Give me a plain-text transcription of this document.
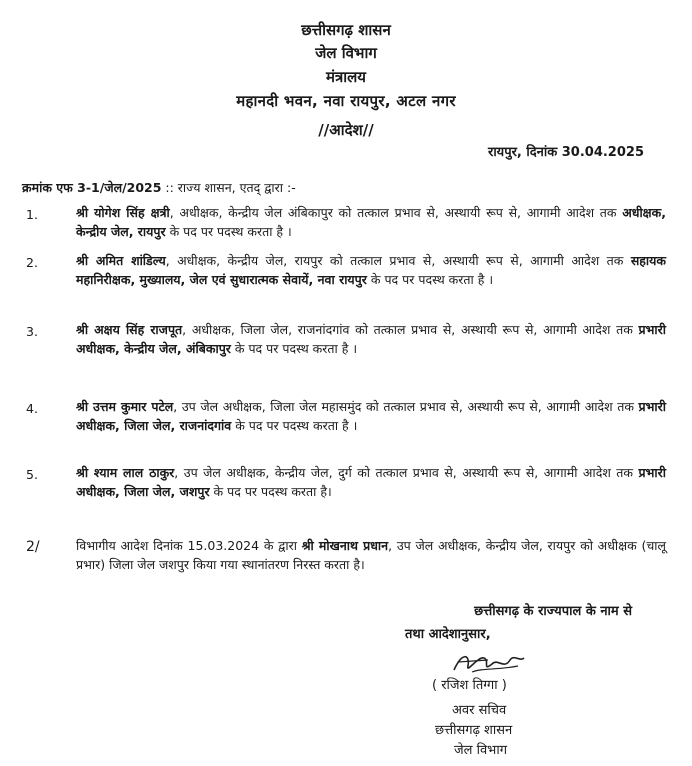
छत्तीसगढ़ शासन
जेल विभाग
मंत्रालय
महानदी भवन, नवा रायपुर, अटल नगर
//आदेश//
रायपुर, दिनांक 30.04.2025
क्रमांक एफ 3-1/जेल/2025 :: राज्य शासन, एतद् द्वारा :-
1.	श्री योगेश सिंह क्षत्री, अधीक्षक, केन्द्रीय जेल अंबिकापुर को तत्काल प्रभाव से, अस्थायी रूप से, आगामी आदेश तक अधीक्षक, केन्द्रीय जेल, रायपुर के पद पर पदस्थ करता है ।
2.	श्री अमित शांडिल्य, अधीक्षक, केन्द्रीय जेल, रायपुर को तत्काल प्रभाव से, अस्थायी रूप से, आगामी आदेश तक सहायक महानिरीक्षक, मुख्यालय, जेल एवं सुधारात्मक सेवायें, नवा रायपुर के पद पर पदस्थ करता है ।
3.	श्री अक्षय सिंह राजपूत, अधीक्षक, जिला जेल, राजनांदगांव को तत्काल प्रभाव से, अस्थायी रूप से, आगामी आदेश तक प्रभारी अधीक्षक, केन्द्रीय जेल, अंबिकापुर के पद पर पदस्थ करता है ।
4.	श्री उत्तम कुमार पटेल, उप जेल अधीक्षक, जिला जेल महासमुंद को तत्काल प्रभाव से, अस्थायी रूप से, आगामी आदेश तक प्रभारी अधीक्षक, जिला जेल, राजनांदगांव के पद पर पदस्थ करता है ।
5.	श्री श्याम लाल ठाकुर, उप जेल अधीक्षक, केन्द्रीय जेल, दुर्ग को तत्काल प्रभाव से, अस्थायी रूप से, आगामी आदेश तक प्रभारी अधीक्षक, जिला जेल, जशपुर के पद पर पदस्थ करता है।
2/	विभागीय आदेश दिनांक 15.03.2024 के द्वारा श्री मोखनाथ प्रधान, उप जेल अधीक्षक, केन्द्रीय जेल, रायपुर को अधीक्षक (चालू प्रभार) जिला जेल जशपुर किया गया स्थानांतरण निरस्त करता है।
छत्तीसगढ़ के राज्यपाल के नाम से
तथा आदेशानुसार,
( रजिश तिग्गा )
अवर सचिव
छत्तीसगढ़ शासन
जेल विभाग
